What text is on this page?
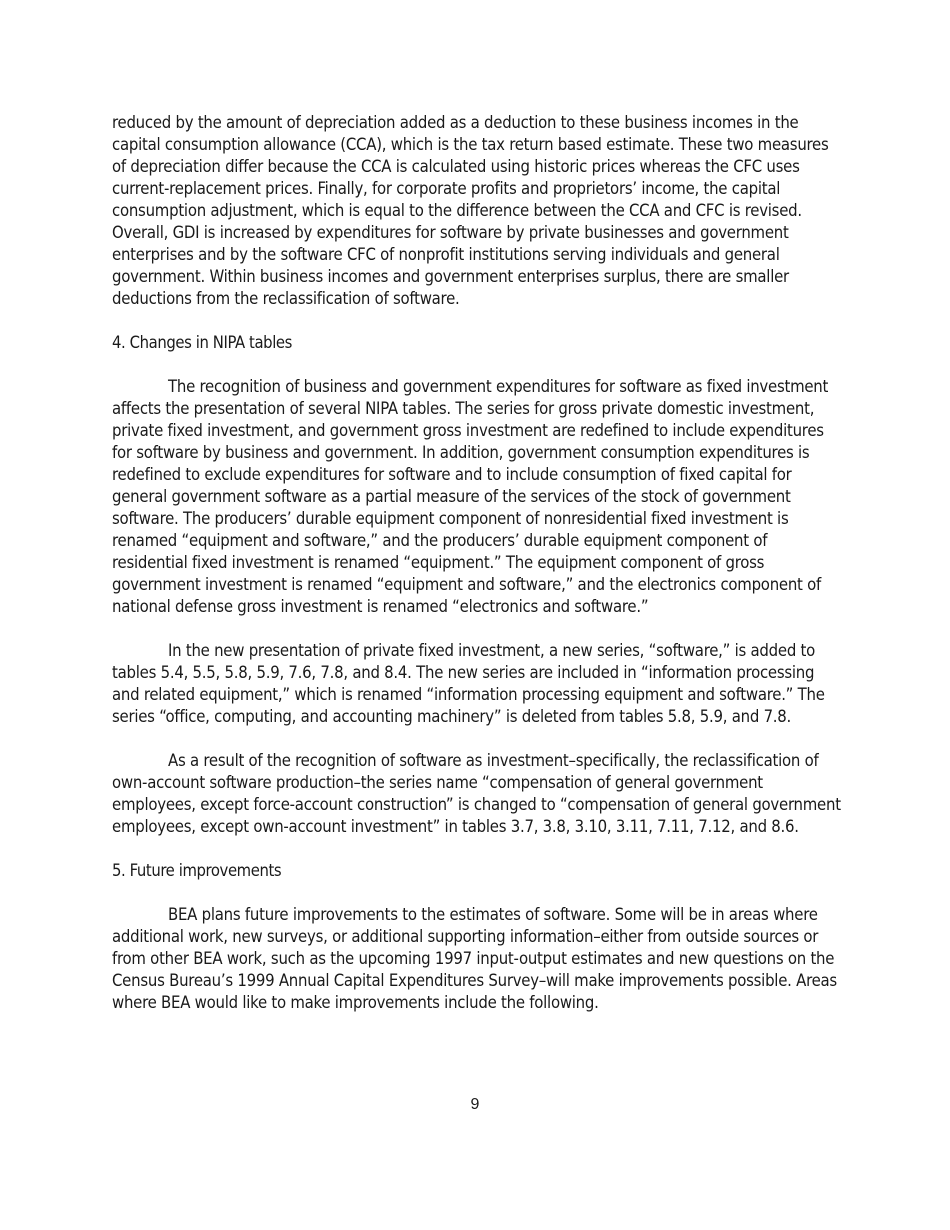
reduced by the amount of depreciation added as a deduction to these business incomes in the capital consumption allowance (CCA), which is the tax return based estimate. These two measures of depreciation differ because the CCA is calculated using historic prices whereas the CFC uses current-replacement prices. Finally, for corporate profits and proprietors’ income, the capital consumption adjustment, which is equal to the difference between the CCA and CFC is revised. Overall, GDI is increased by expenditures for software by private businesses and government enterprises and by the software CFC of nonprofit institutions serving individuals and general government. Within business incomes and government enterprises surplus, there are smaller deductions from the reclassification of software.

4. Changes in NIPA tables

The recognition of business and government expenditures for software as fixed investment affects the presentation of several NIPA tables. The series for gross private domestic investment, private fixed investment, and government gross investment are redefined to include expenditures for software by business and government. In addition, government consumption expenditures is redefined to exclude expenditures for software and to include consumption of fixed capital for general government software as a partial measure of the services of the stock of government software. The producers’ durable equipment component of nonresidential fixed investment is renamed “equipment and software,” and the producers’ durable equipment component of residential fixed investment is renamed “equipment.” The equipment component of gross government investment is renamed “equipment and software,” and the electronics component of national defense gross investment is renamed “electronics and software.”

In the new presentation of private fixed investment, a new series, “software,” is added to tables 5.4, 5.5, 5.8, 5.9, 7.6, 7.8, and 8.4. The new series are included in “information processing and related equipment,” which is renamed “information processing equipment and software.” The series “office, computing, and accounting machinery” is deleted from tables 5.8, 5.9, and 7.8.

As a result of the recognition of software as investment–specifically, the reclassification of own-account software production–the series name “compensation of general government employees, except force-account construction” is changed to “compensation of general government employees, except own-account investment” in tables 3.7, 3.8, 3.10, 3.11, 7.11, 7.12, and 8.6.

5. Future improvements

BEA plans future improvements to the estimates of software. Some will be in areas where additional work, new surveys, or additional supporting information–either from outside sources or from other BEA work, such as the upcoming 1997 input-output estimates and new questions on the Census Bureau’s 1999 Annual Capital Expenditures Survey–will make improvements possible. Areas where BEA would like to make improvements include the following.

9
